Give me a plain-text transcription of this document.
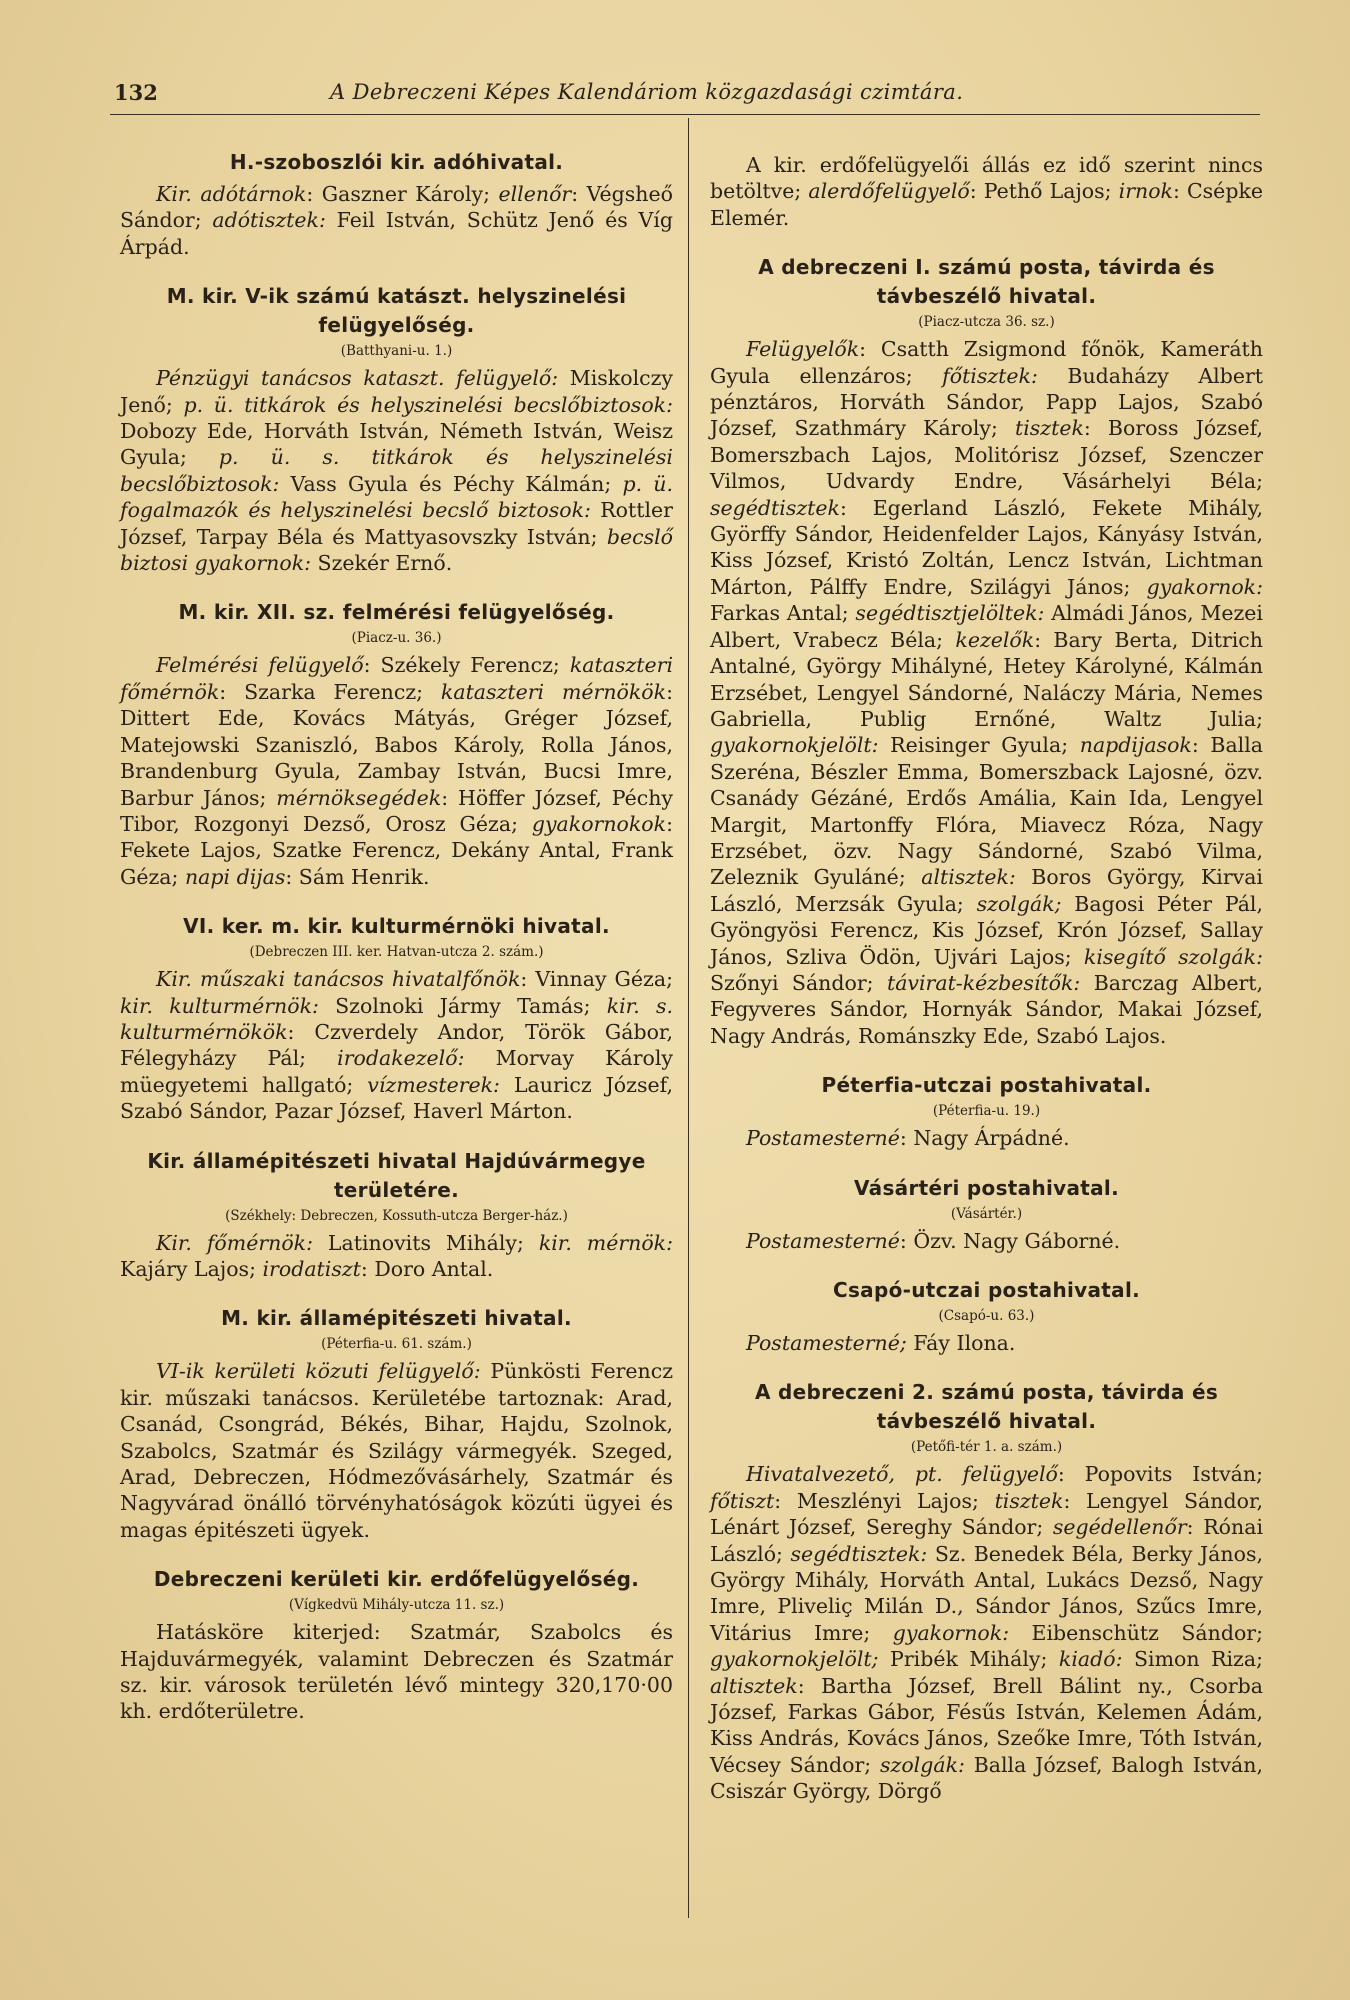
132	A Debreczeni Képes Kalendáriom közgazdasági czimtára.
H.-szoboszlói kir. adóhivatal.

Kir. adótárnok: Gaszner Károly; ellenőr: Végsheő Sándor; adótisztek: Feil István, Schütz Jenő és Víg Árpád.

M. kir. V-ik számú katászt. helyszinelési felügyelőség.
(Batthyani-u. 1.)

Pénzügyi tanácsos kataszt. felügyelő: Miskolczy Jenő; p. ü. titkárok és helyszinelési becslőbiztosok: Dobozy Ede, Horváth István, Németh István, Weisz Gyula; p. ü. s. titkárok és helyszinelési becslőbiztosok: Vass Gyula és Péchy Kálmán; p. ü. fogalmazók és helyszinelési becslő biztosok: Rottler József, Tarpay Béla és Mattyasovszky István; becslő biztosi gyakornok: Szekér Ernő.

M. kir. XII. sz. felmérési felügyelőség.
(Piacz-u. 36.)

Felmérési felügyelő: Székely Ferencz; kataszteri főmérnök: Szarka Ferencz; kataszteri mérnökök: Dittert Ede, Kovács Mátyás, Gréger József, Matejowski Szaniszló, Babos Károly, Rolla János, Brandenburg Gyula, Zambay István, Bucsi Imre, Barbur János; mérnöksegédek: Höffer József, Péchy Tibor, Rozgonyi Dezső, Orosz Géza; gyakornokok: Fekete Lajos, Szatke Ferencz, Dekány Antal, Frank Géza; napi dijas: Sám Henrik.

VI. ker. m. kir. kulturmérnöki hivatal.
(Debreczen III. ker. Hatvan-utcza 2. szám.)

Kir. műszaki tanácsos hivatalfőnök: Vinnay Géza; kir. kulturmérnök: Szolnoki Jármy Tamás; kir. s. kulturmérnökök: Czverdely Andor, Török Gábor, Félegyházy Pál; irodakezelő: Morvay Károly müegyetemi hallgató; vízmesterek: Lauricz József, Szabó Sándor, Pazar József, Haverl Márton.

Kir. államépitészeti hivatal Hajdúvármegye területére.
(Székhely: Debreczen, Kossuth-utcza Berger-ház.)

Kir. főmérnök: Latinovits Mihály; kir. mérnök: Kajáry Lajos; irodatiszt: Doro Antal.

M. kir. államépitészeti hivatal.
(Péterfia-u. 61. szám.)

VI-ik kerületi közuti felügyelő: Pünkösti Ferencz kir. műszaki tanácsos. Kerületébe tartoznak: Arad, Csanád, Csongrád, Békés, Bihar, Hajdu, Szolnok, Szabolcs, Szatmár és Szilágy vármegyék. Szeged, Arad, Debreczen, Hódmezővásárhely, Szatmár és Nagyvárad önálló törvényhatóságok közúti ügyei és magas épitészeti ügyek.

Debreczeni kerületi kir. erdőfelügyelőség.
(Vígkedvü Mihály-utcza 11. sz.)

Hatásköre kiterjed: Szatmár, Szabolcs és Hajduvármegyék, valamint Debreczen és Szatmár sz. kir. városok területén lévő mintegy 320,170·00 kh. erdőterületre.

A kir. erdőfelügyelői állás ez idő szerint nincs betöltve; alerdőfelügyelő: Pethő Lajos; irnok: Csépke Elemér.

A debreczeni I. számú posta, távirda és távbeszélő hivatal.
(Piacz-utcza 36. sz.)

Felügyelők: Csatth Zsigmond főnök, Kameráth Gyula ellenzáros; főtisztek: Budaházy Albert pénztáros, Horváth Sándor, Papp Lajos, Szabó József, Szathmáry Károly; tisztek: Boross József, Bomerszbach Lajos, Molitórisz József, Szenczer Vilmos, Udvardy Endre, Vásárhelyi Béla; segédtisztek: Egerland László, Fekete Mihály, Györffy Sándor, Heidenfelder Lajos, Kányásy István, Kiss József, Kristó Zoltán, Lencz István, Lichtman Márton, Pálffy Endre, Szilágyi János; gyakornok: Farkas Antal; segédtisztjelöltek: Almádi János, Mezei Albert, Vrabecz Béla; kezelők: Bary Berta, Ditrich Antalné, György Mihályné, Hetey Károlyné, Kálmán Erzsébet, Lengyel Sándorné, Naláczy Mária, Nemes Gabriella, Publig Ernőné, Waltz Julia; gyakornokjelölt: Reisinger Gyula; napdijasok: Balla Szeréna, Bészler Emma, Bomerszback Lajosné, özv. Csanády Gézáné, Erdős Amália, Kain Ida, Lengyel Margit, Martonffy Flóra, Miavecz Róza, Nagy Erzsébet, özv. Nagy Sándorné, Szabó Vilma, Zeleznik Gyuláné; altisztek: Boros György, Kirvai László, Merzsák Gyula; szolgák; Bagosi Péter Pál, Gyöngyösi Ferencz, Kis József, Krón József, Sallay János, Szliva Ödön, Ujvári Lajos; kisegítő szolgák: Szőnyi Sándor; távirat-kézbesítők: Barczag Albert, Fegyveres Sándor, Hornyák Sándor, Makai József, Nagy András, Románszky Ede, Szabó Lajos.

Péterfia-utczai postahivatal.
(Péterfia-u. 19.)

Postamesterné: Nagy Árpádné.

Vásártéri postahivatal.
(Vásártér.)

Postamesterné: Özv. Nagy Gáborné.

Csapó-utczai postahivatal.
(Csapó-u. 63.)

Postamesterné; Fáy Ilona.

A debreczeni 2. számú posta, távirda és távbeszélő hivatal.
(Petőfi-tér 1. a. szám.)

Hivatalvezető, pt. felügyelő: Popovits István; főtiszt: Meszlényi Lajos; tisztek: Lengyel Sándor, Lénárt József, Sereghy Sándor; segédellenőr: Rónai László; segédtisztek: Sz. Benedek Béla, Berky János, György Mihály, Horváth Antal, Lukács Dezső, Nagy Imre, Pliveliç Milán D., Sándor János, Szűcs Imre, Vitárius Imre; gyakornok: Eibenschütz Sándor; gyakornokjelölt; Pribék Mihály; kiadó: Simon Riza; altisztek: Bartha József, Brell Bálint ny., Csorba József, Farkas Gábor, Fésűs István, Kelemen Ádám, Kiss András, Kovács János, Szeőke Imre, Tóth István, Vécsey Sándor; szolgák: Balla József, Balogh István, Csiszár György, Dörgő
